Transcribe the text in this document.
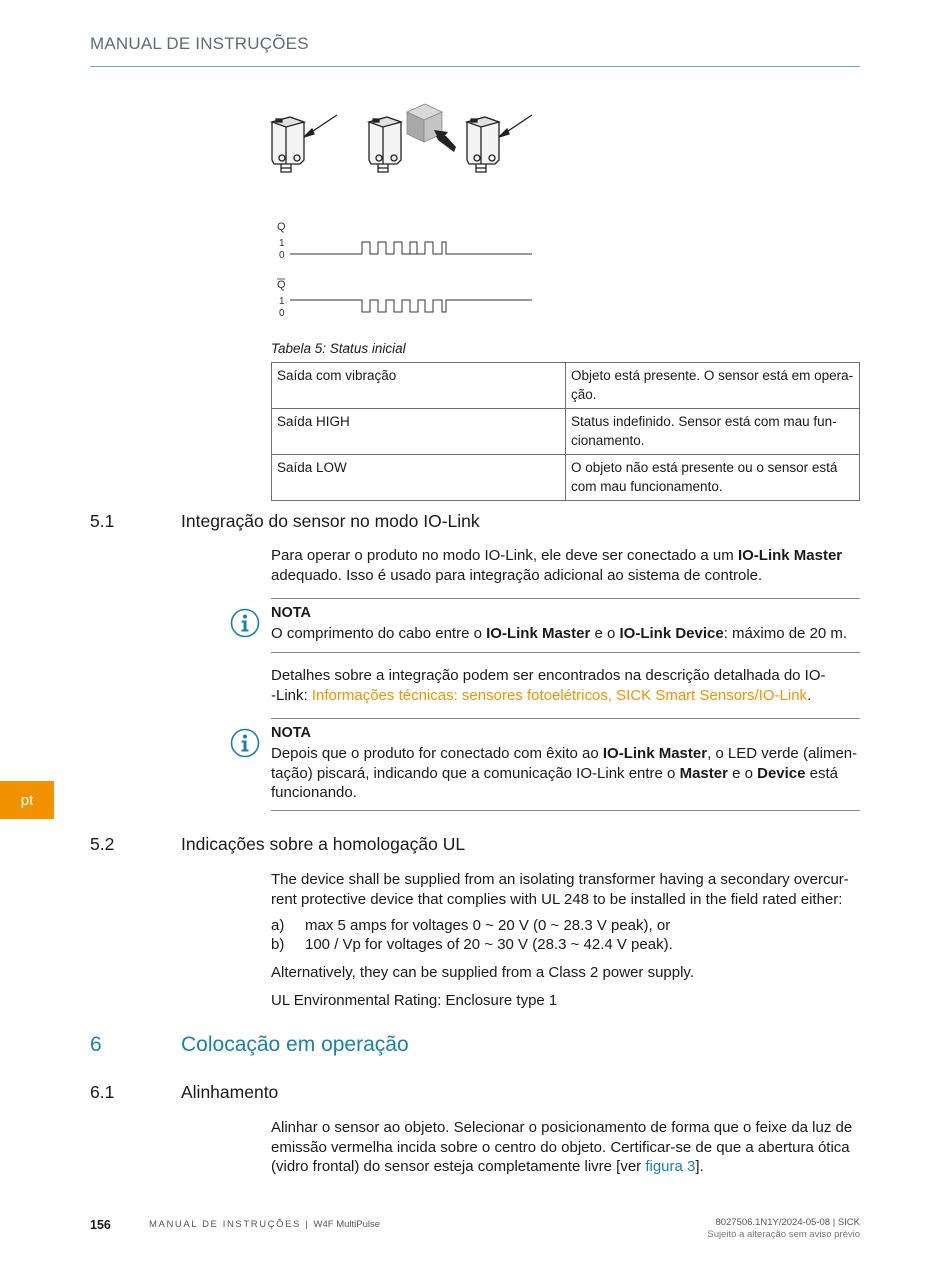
MANUAL DE INSTRUÇÕES
pt
Q
1
0
Q
1
0
Tabela 5: Status inicial
Saída com vibração	Objeto está presente. O sensor está em opera-
ção.
Saída HIGH	Status indefinido. Sensor está com mau fun-
cionamento.
Saída LOW	O objeto não está presente ou o sensor está
com mau funcionamento.
5.1	Integração do sensor no modo IO-Link
Para operar o produto no modo IO-Link, ele deve ser conectado a um IO-Link Master
adequado. Isso é usado para integração adicional ao sistema de controle.
NOTA
O comprimento do cabo entre o IO-Link Master e o IO-Link Device: máximo de 20 m.
Detalhes sobre a integração podem ser encontrados na descrição detalhada do IO-
-Link: Informações técnicas: sensores fotoelétricos, SICK Smart Sensors/IO-Link.
NOTA
Depois que o produto for conectado com êxito ao IO-Link Master, o LED verde (alimen-
tação) piscará, indicando que a comunicação IO-Link entre o Master e o Device está
funcionando.
5.2	Indicações sobre a homologação UL
The device shall be supplied from an isolating transformer having a secondary overcur-
rent protective device that complies with UL 248 to be installed in the field rated either:
a) max 5 amps for voltages 0 ~ 20 V (0 ~ 28.3 V peak), or
b) 100 / Vp for voltages of 20 ~ 30 V (28.3 ~ 42.4 V peak).
Alternatively, they can be supplied from a Class 2 power supply.
UL Environmental Rating: Enclosure type 1
6	Colocação em operação
6.1	Alinhamento
Alinhar o sensor ao objeto. Selecionar o posicionamento de forma que o feixe da luz de
emissão vermelha incida sobre o centro do objeto. Certificar-se de que a abertura ótica
(vidro frontal) do sensor esteja completamente livre [ver figura 3].
156	MANUAL DE INSTRUÇÕES | W4F MultiPulse	8027506.1N1Y/2024-05-08 | SICK
Sujeito a alteração sem aviso prévio
